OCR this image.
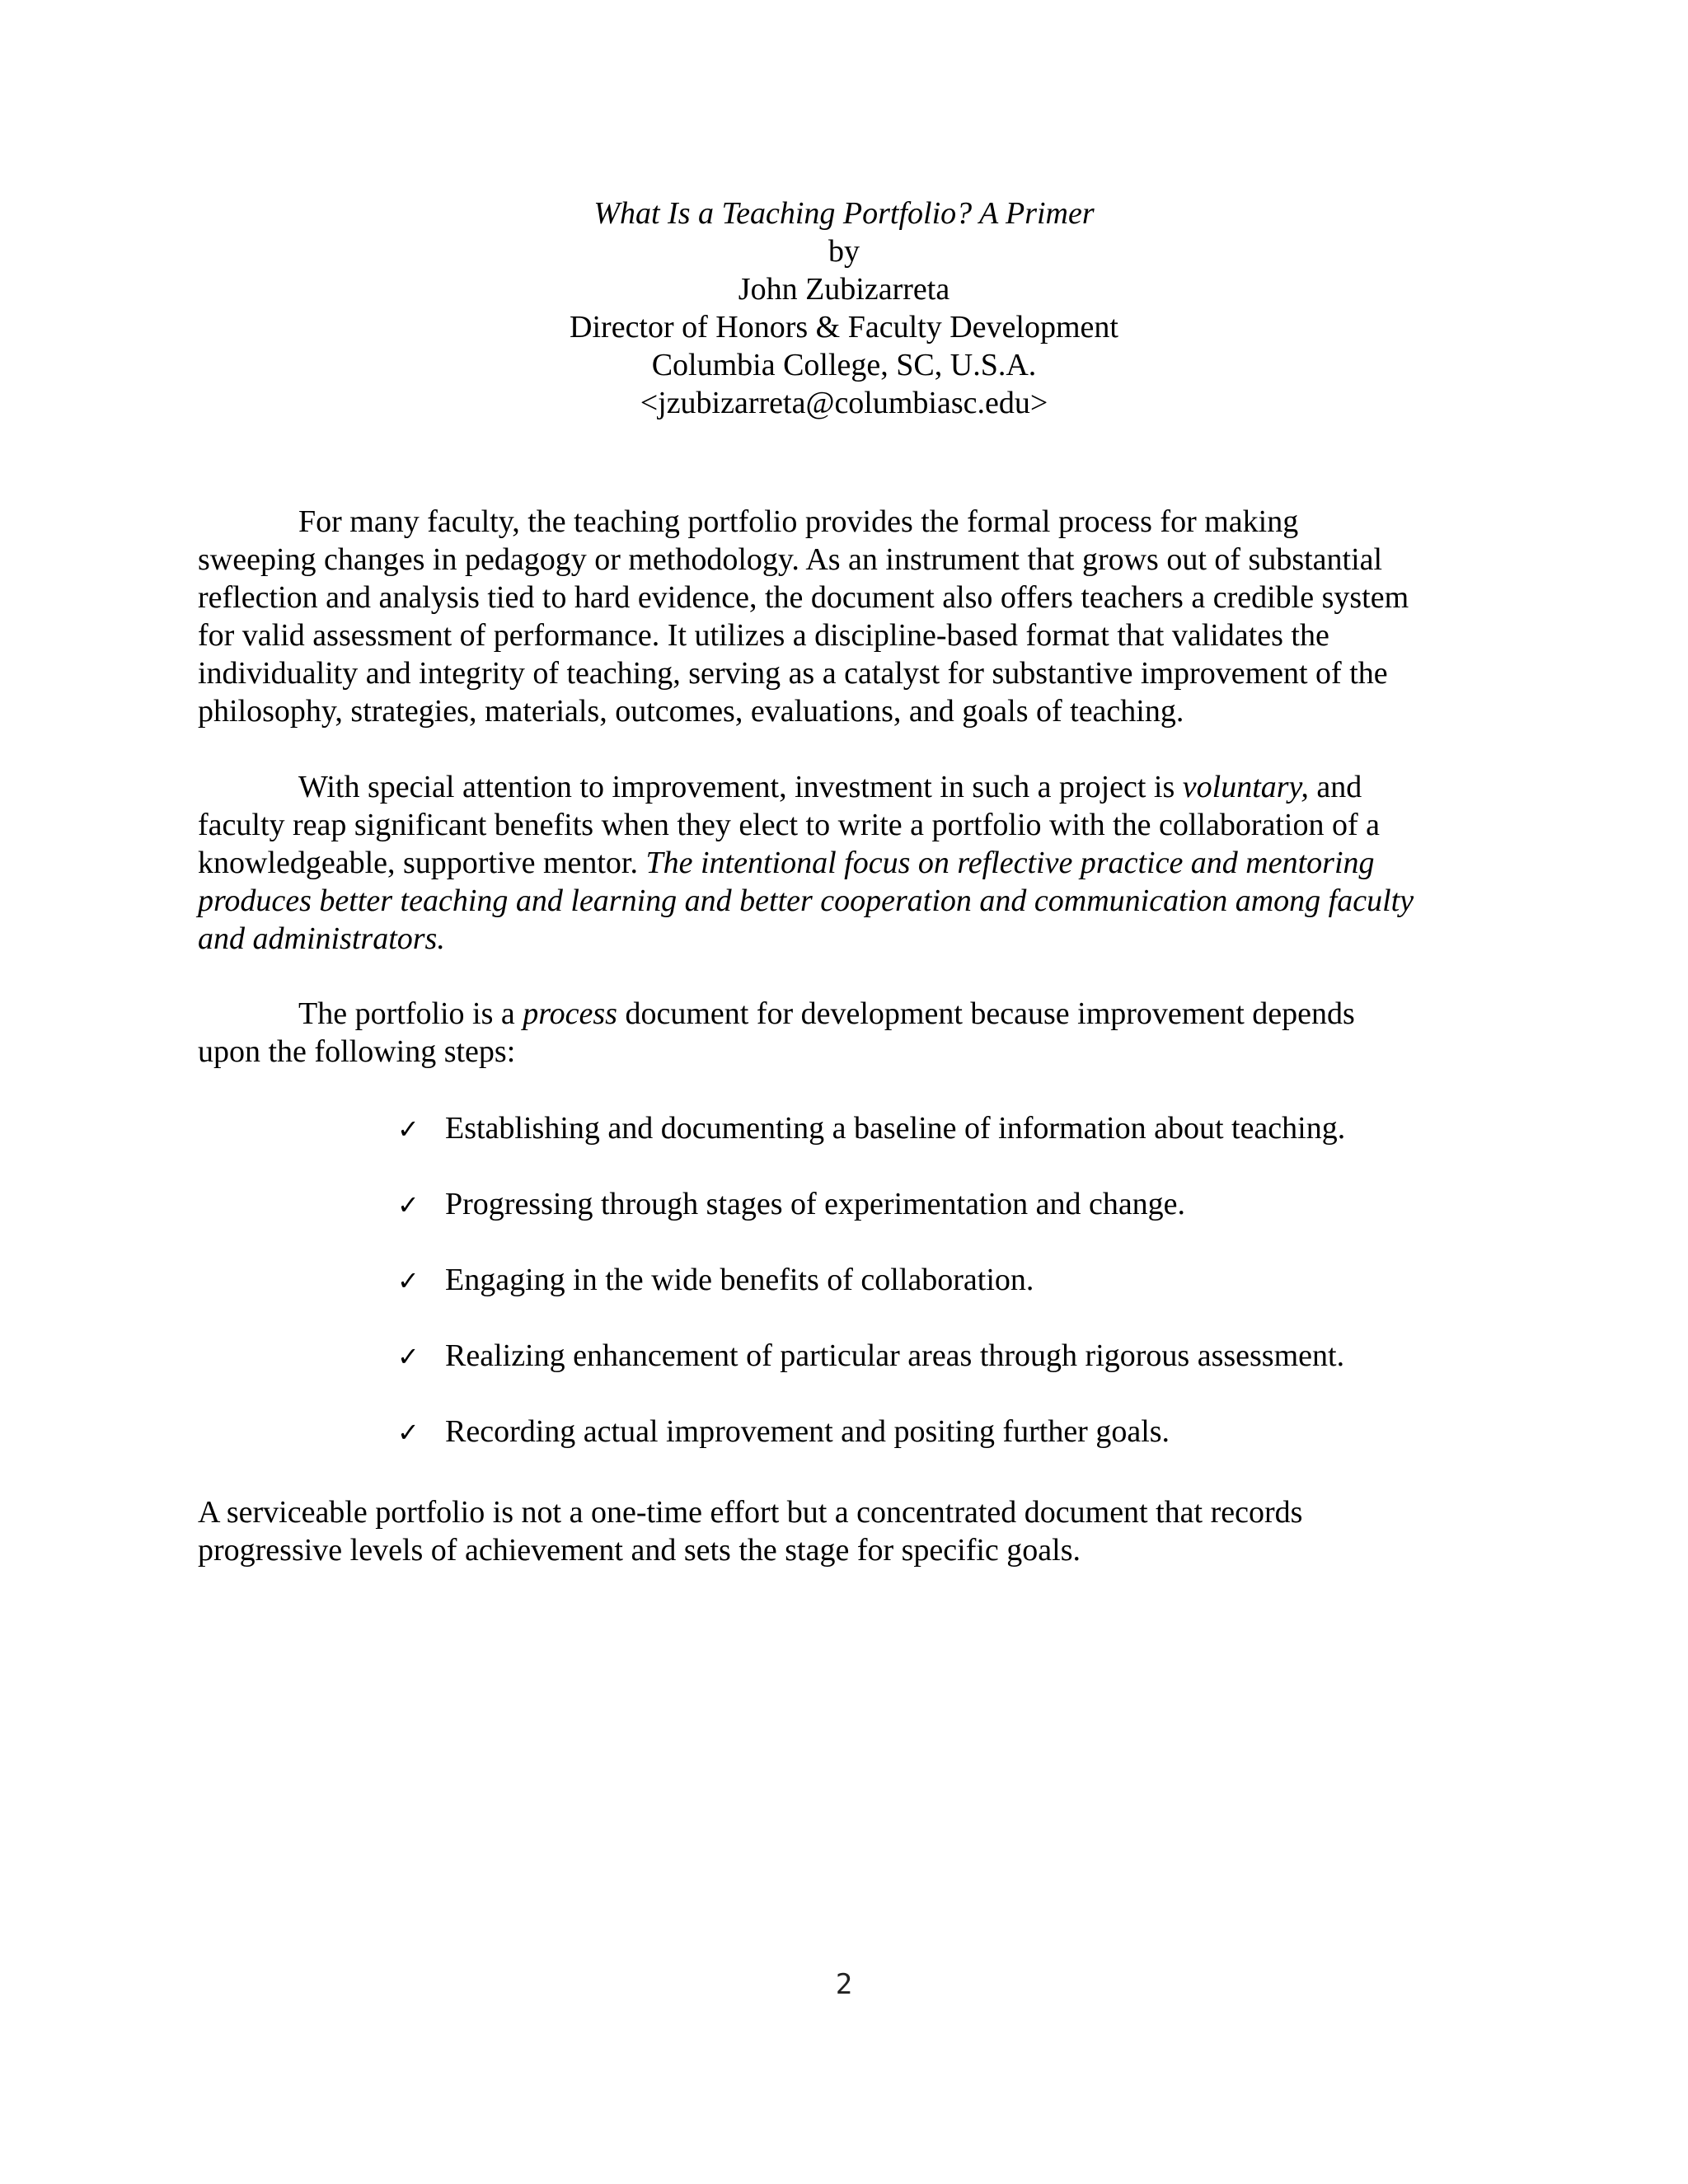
What Is a Teaching Portfolio? A Primer
by
John Zubizarreta
Director of Honors & Faculty Development
Columbia College, SC, U.S.A.
<jzubizarreta@columbiasc.edu>

For many faculty, the teaching portfolio provides the formal process for making
sweeping changes in pedagogy or methodology. As an instrument that grows out of substantial
reflection and analysis tied to hard evidence, the document also offers teachers a credible system
for valid assessment of performance. It utilizes a discipline-based format that validates the
individuality and integrity of teaching, serving as a catalyst for substantive improvement of the
philosophy, strategies, materials, outcomes, evaluations, and goals of teaching.

With special attention to improvement, investment in such a project is voluntary, and
faculty reap significant benefits when they elect to write a portfolio with the collaboration of a
knowledgeable, supportive mentor. The intentional focus on reflective practice and mentoring
produces better teaching and learning and better cooperation and communication among faculty
and administrators.

The portfolio is a process document for development because improvement depends
upon the following steps:

✓ Establishing and documenting a baseline of information about teaching.
✓ Progressing through stages of experimentation and change.
✓ Engaging in the wide benefits of collaboration.
✓ Realizing enhancement of particular areas through rigorous assessment.
✓ Recording actual improvement and positing further goals.

A serviceable portfolio is not a one-time effort but a concentrated document that records
progressive levels of achievement and sets the stage for specific goals.

2
